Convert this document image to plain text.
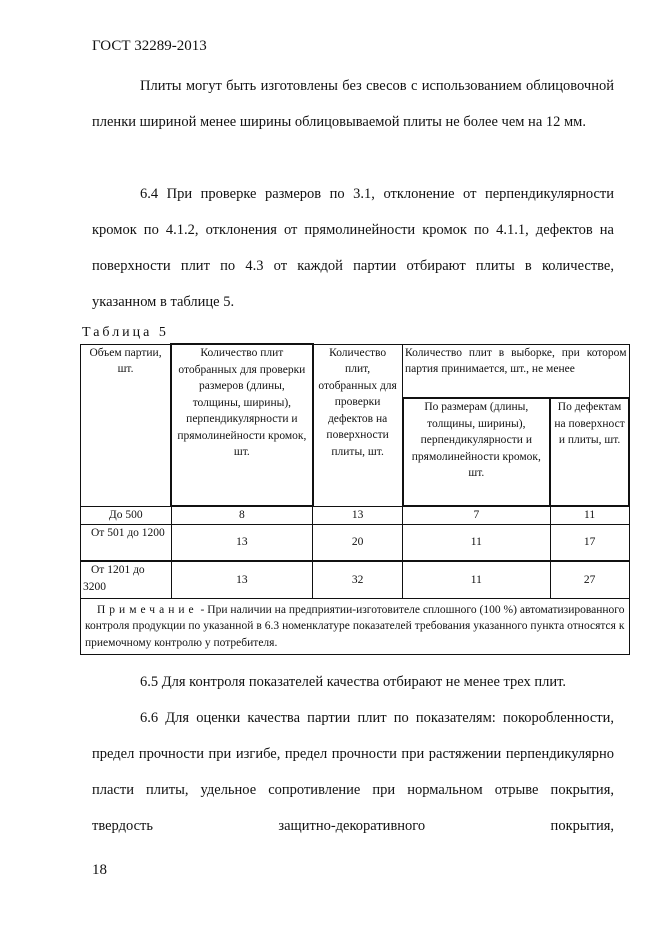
ГОСТ 32289-2013
Плиты могут быть изготовлены без свесов с использованием облицовочной пленки шириной менее ширины облицовываемой плиты не более чем на 12 мм.
6.4 При проверке размеров по 3.1, отклонение от перпендикулярности кромок по 4.1.2, отклонения от прямолинейности кромок по 4.1.1, дефектов на поверхности плит по 4.3 от каждой партии отбирают плиты в количестве, указанном в таблице 5.
Таблица 5
Объем партии, шт.	Количество плит отобранных для проверки размеров (длины, толщины, ширины), перпендикулярности и прямолинейности кромок, шт.	Количество плит, отобранных для проверки дефектов на поверхности плиты, шт.	Количество плит в выборке, при котором партия принимается, шт., не менее	
			По размерам (длины, толщины, ширины), перпендикулярности и прямолинейности кромок, шт.	По дефектам на поверхност и плиты, шт.
До 500	8	13	7	11
От 501 до 1200	13	20	11	17
От 1201 до 3200	13	32	11	27
Примечание - При наличии на предприятии-изготовителе сплошного (100 %) автоматизированного контроля продукции по указанной в 6.3 номенклатуре показателей требования указанного пункта относятся к приемочному контролю у потребителя.				
6.5 Для контроля показателей качества отбирают не менее трех плит.
6.6 Для оценки качества партии плит по показателям: покоробленности, предел прочности при изгибе, предел прочности при растяжении перпендикулярно пласти плиты, удельное сопротивление при нормальном отрыве покрытия, твердость защитно-декоративного покрытия,
18
